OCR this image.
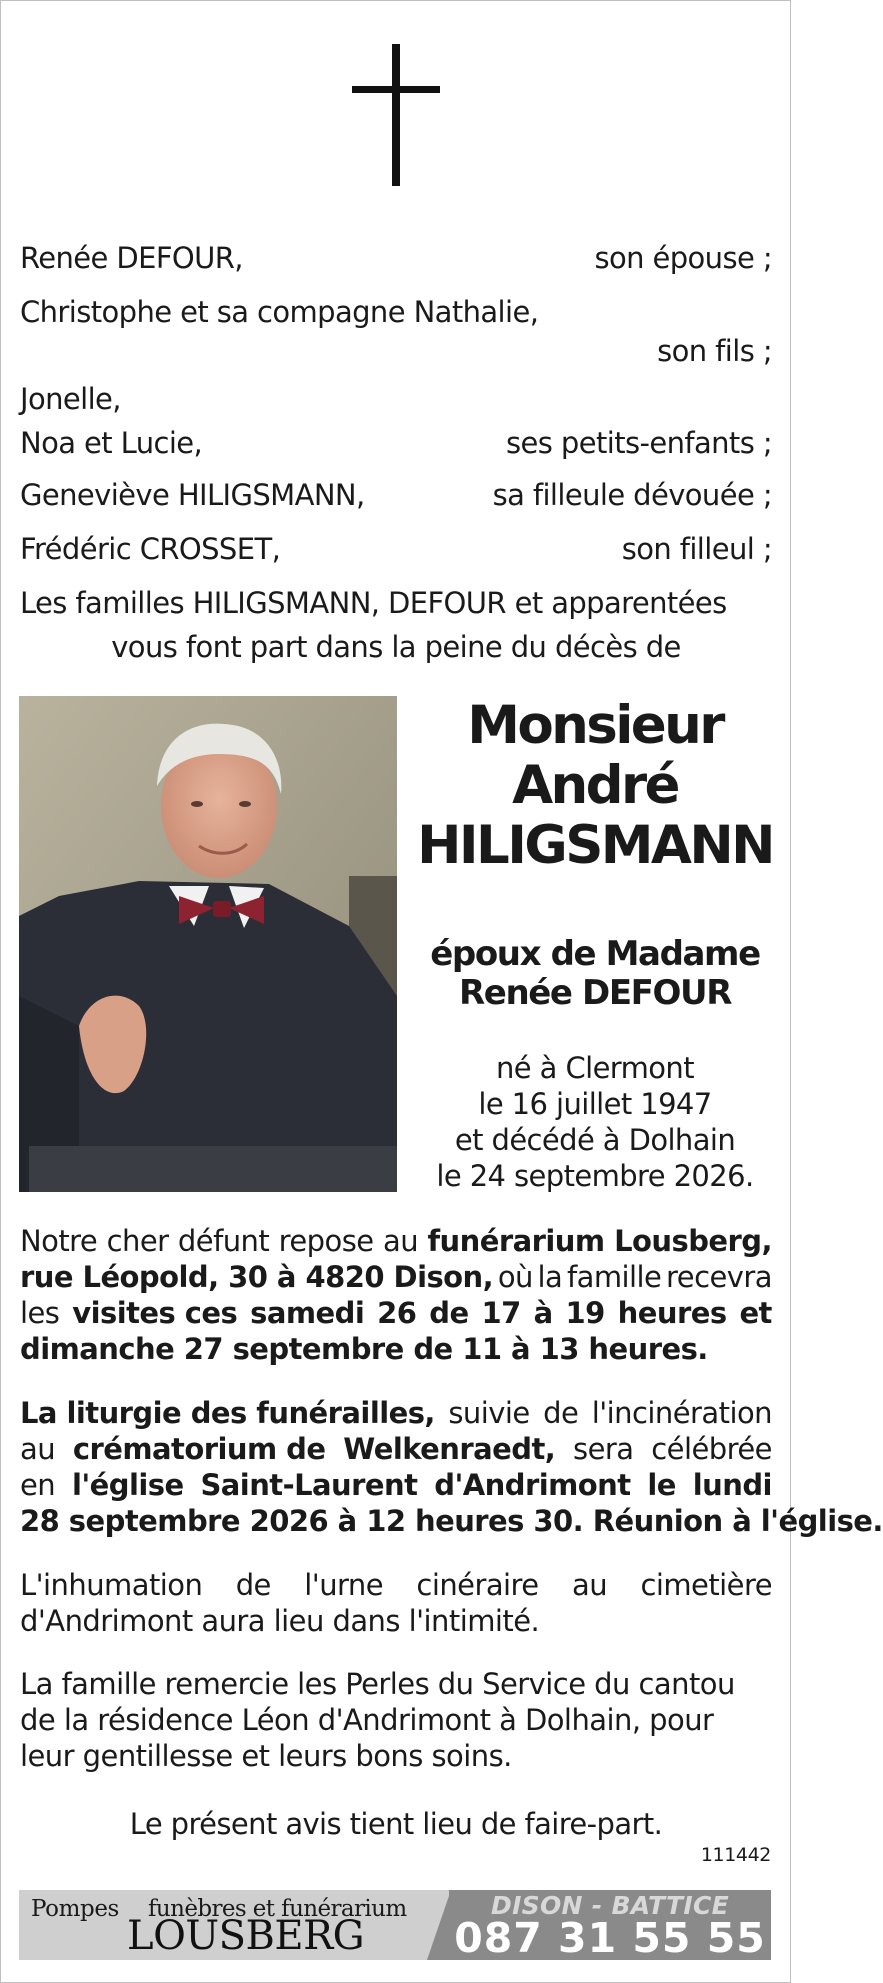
Renée DEFOUR,	son épouse ;
Christophe et sa compagne Nathalie,
son fils ;
Jonelle,
Noa et Lucie,	ses petits-enfants ;
Geneviève HILIGSMANN,	sa filleule dévouée ;
Frédéric CROSSET,	son filleul ;
Les familles HILIGSMANN, DEFOUR et apparentées
vous font part dans la peine du décès de
Monsieur
André
HILIGSMANN
époux de Madame
Renée DEFOUR
né à Clermont
le 16 juillet 1947
et décédé à Dolhain
le 24 septembre 2026.
Notre cher défunt repose au funérarium Lousberg,
rue Léopold, 30 à 4820 Dison, où la famille recevra
les visites ces samedi 26 de 17 à 19 heures et
dimanche 27 septembre de 11 à 13 heures.
La liturgie des funérailles, suivie de l'incinération
au crématorium de Welkenraedt, sera célébrée
en l'église Saint-Laurent d'Andrimont le lundi
28 septembre 2026 à 12 heures 30. Réunion à l'église.
L'inhumation de l'urne cinéraire au cimetière
d'Andrimont aura lieu dans l'intimité.
La famille remercie les Perles du Service du cantou
de la résidence Léon d'Andrimont à Dolhain, pour
leur gentillesse et leurs bons soins.
Le présent avis tient lieu de faire-part.
111442
Pompes funèbres et funérarium
LOUSBERG
DISON - BATTICE
087 31 55 55
